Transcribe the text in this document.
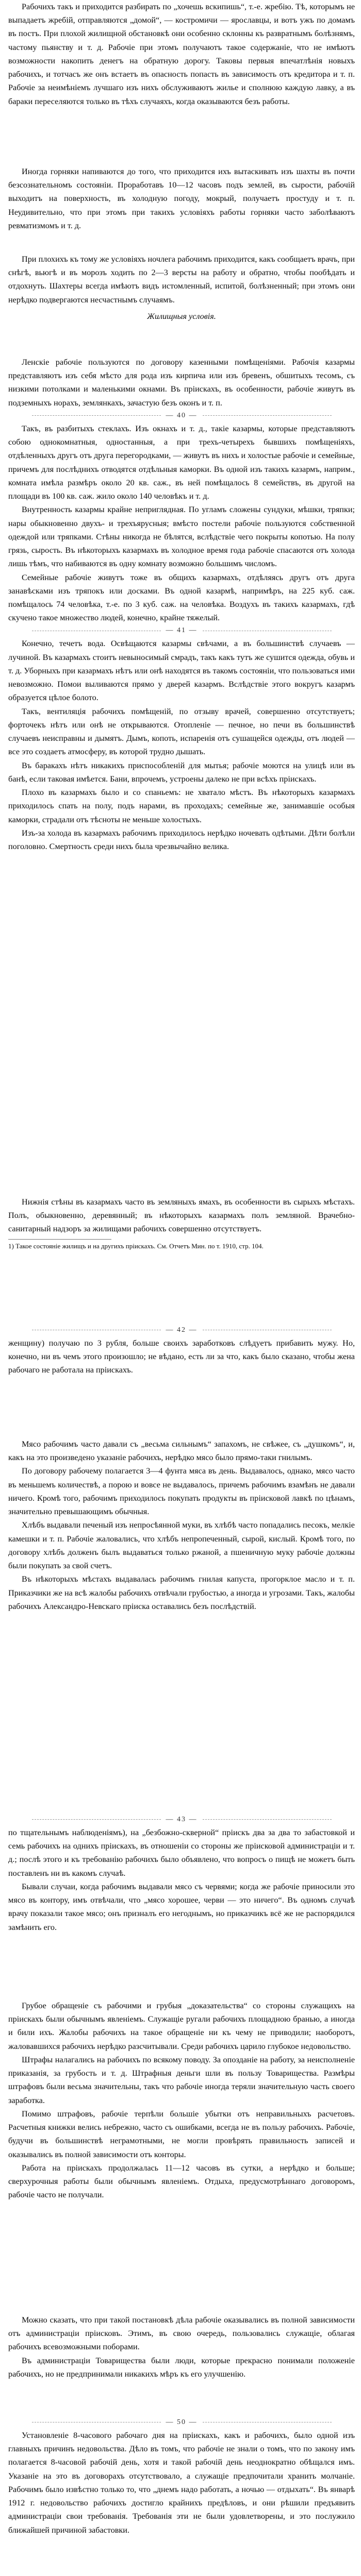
Рабочихъ такъ и приходится разбирать по „хочешь вскипишь“, т.-е. жребію. Тѣ, которымъ не выпадаетъ жребій, отправляются „домой“, — костромичи — ярославцы, и вотъ ужъ по домамъ въ постъ. При плохой жилищной обстановкѣ они особенно склонны къ развратнымъ болѣзнямъ, частому пьянству и т. д. Рабочіе при этомъ получаютъ такое содержаніе, что не имѣютъ возможности накопить денегъ на обратную дорогу. Таковы первыя впечатлѣнія новыхъ рабочихъ, и тотчасъ же онъ встаетъ въ опасность попасть въ зависимость отъ кредитора и т. п. Рабочіе за неимѣніемъ лучшаго изъ нихъ обслуживаютъ жилье и сполнюю каждую лавку, а въ бараки переселяются только въ тѣхъ случаяхъ, когда оказываются безъ работы.

Иногда горняки напиваются до того, что приходится ихъ вытаскивать изъ шахты въ почти безсознательномъ состояніи. Проработавъ 10—12 часовъ подъ землей, въ сырости, рабочій выходитъ на поверхность, въ холодную погоду, мокрый, получаетъ простуду и т. п. Неудивительно, что при этомъ при такихъ условіяхъ работы горняки часто заболѣваютъ ревматизмомъ и т. д.

При плохихъ къ тому же условіяхъ ночлега рабочимъ приходится, какъ сообщаетъ врачъ, при снѣгѣ, вьюгѣ и въ морозъ ходить по 2—3 версты на работу и обратно, чтобы пообѣдать и отдохнуть. Шахтеры всегда имѣютъ видъ истомленный, испитой, болѣзненный; при этомъ они нерѣдко подвергаются несчастнымъ случаямъ.

Жилищныя условія.

Ленскіе рабочіе пользуются по договору казенными помѣщеніями. Рабочія казармы представляютъ изъ себя мѣсто для рода изъ кирпича или изъ бревенъ, обшитыхъ тесомъ, съ низкими потолками и маленькими окнами. Въ пріискахъ, въ особенности, рабочіе живутъ въ подземныхъ норахъ, землянкахъ, зачастую безъ оконъ и т. п.

— 40 —

Такъ, въ разбитыхъ стеклахъ. Изъ окнахъ и т. д., такіе казармы, которые представляютъ собою однокомнатныя, одностанныя, а при трехъ-четырехъ бывшихъ помѣщеніяхъ, отдѣленныхъ другъ отъ друга перегородками, — живутъ въ нихъ и холостые рабочіе и семейные, причемъ для послѣднихъ отводятся отдѣльныя каморки. Въ одной изъ такихъ казармъ, наприм., комната имѣла размѣръ около 20 кв. саж., въ ней помѣщалось 8 семействъ, въ другой на площади въ 100 кв. саж. жило около 140 человѣкъ и т. д.

Внутренность казармы крайне неприглядная. По угламъ сложены сундуки, мѣшки, тряпки; нары обыкновенно двухъ- и трехъярусныя; вмѣсто постели рабочіе пользуются собственной одеждой или тряпками. Стѣны никогда не бѣлятся, вслѣдствіе чего покрыты копотью. На полу грязь, сырость. Въ нѣкоторыхъ казармахъ въ холодное время года рабочіе спасаются отъ холода лишь тѣмъ, что набиваются въ одну комнату возможно большимъ числомъ.

Семейные рабочіе живутъ тоже въ общихъ казармахъ, отдѣляясь другъ отъ друга занавѣсками изъ тряпокъ или досками. Въ одной казармѣ, напримѣръ, на 225 куб. саж. помѣщалось 74 человѣка, т.-е. по 3 куб. саж. на человѣка. Воздухъ въ такихъ казармахъ, гдѣ скучено такое множество людей, конечно, крайне тяжелый.

— 41 —

Конечно, течетъ вода. Освѣщаются казармы свѣчами, а въ большинствѣ случаевъ — лучиной. Въ казармахъ стоитъ невыносимый смрадъ, такъ какъ тутъ же сушится одежда, обувь и т. д. Уборныхъ при казармахъ нѣтъ или онѣ находятся въ такомъ состояніи, что пользоваться ими невозможно. Помои выливаются прямо у дверей казармъ. Вслѣдствіе этого вокругъ казармъ образуется цѣлое болото.

Такъ, вентиляція рабочихъ помѣщеній, по отзыву врачей, совершенно отсутствуетъ; форточекъ нѣтъ или онѣ не открываются. Отопленіе — печное, но печи въ большинствѣ случаевъ неисправны и дымятъ. Дымъ, копоть, испаренія отъ сушащейся одежды, отъ людей — все это создаетъ атмосферу, въ которой трудно дышать.

Въ баракахъ нѣтъ никакихъ приспособленій для мытья; рабочіе моются на улицѣ или въ банѣ, если таковая имѣется. Бани, впрочемъ, устроены далеко не при всѣхъ пріискахъ.

Плохо въ казармахъ было и со спаньемъ: не хватало мѣстъ. Въ нѣкоторыхъ казармахъ приходилось спать на полу, подъ нарами, въ проходахъ; семейные же, занимавшіе особыя каморки, страдали отъ тѣсноты не меньше холостыхъ.

Изъ-за холода въ казармахъ рабочимъ приходилось нерѣдко ночевать одѣтыми. Дѣти болѣли поголовно. Смертность среди нихъ была чрезвычайно велика.

Нижнія стѣны въ казармахъ часто въ земляныхъ ямахъ, въ особенности въ сырыхъ мѣстахъ. Полъ, обыкновенно, деревянный; въ нѣкоторыхъ казармахъ полъ земляной. Врачебно-санитарный надзоръ за жилищами рабочихъ совершенно отсутствуетъ.

1) Такое состояніе жилищъ и на другихъ пріискахъ. См. Отчетъ Мин. по т. 1910, стр. 104.
— 42 —

женщину) получаю по 3 рубля, больше своихъ заработковъ слѣдуетъ прибавить мужу. Но, конечно, ни въ чемъ этого произошло; не вѣдано, есть ли за что, какъ было сказано, чтобы жена рабочаго не работала на пріискахъ.

Мясо рабочимъ часто давали съ „весьма сильнымъ“ запахомъ, не свѣжее, съ „душкомъ“, и, какъ на это произведено указаніе рабочихъ, нерѣдко мясо было прямо-таки гнилымъ.

По договору рабочему полагается 3—4 фунта мяса въ день. Выдавалось, однако, мясо часто въ меньшемъ количествѣ, а порою и вовсе не выдавалось, причемъ рабочимъ взамѣнъ не давали ничего. Кромѣ того, рабочимъ приходилось покупать продукты въ пріисковой лавкѣ по цѣнамъ, значительно превышающимъ обычныя.

Хлѣбъ выдавали печеный изъ непросѣянной муки, въ хлѣбѣ часто попадались песокъ, мелкіе камешки и т. п. Рабочіе жаловались, что хлѣбъ непропеченный, сырой, кислый. Кромѣ того, по договору хлѣбъ долженъ былъ выдаваться только ржаной, а пшеничную муку рабочіе должны были покупать за свой счетъ.

Въ нѣкоторыхъ мѣстахъ выдавалась рабочимъ гнилая капуста, прогорклое масло и т. п. Приказчики же на всѣ жалобы рабочихъ отвѣчали грубостью, а иногда и угрозами. Такъ, жалобы рабочихъ Александро-Невскаго пріиска оставались безъ послѣдствій.

— 43 —

по тщательнымъ наблюденіямъ), на „безбожно-скверной“ пріискъ два за два то забастовкой и семь рабочихъ на однихъ пріискахъ, въ отношеніи со стороны же пріисковой администраціи и т. д.; послѣ этого и къ требованію рабочихъ было объявлено, что вопросъ о пищѣ не можетъ быть поставленъ ни въ какомъ случаѣ.

Бывали случаи, когда рабочимъ выдавали мясо съ червями; когда же рабочіе приносили это мясо въ контору, имъ отвѣчали, что „мясо хорошее, черви — это ничего“. Въ одномъ случаѣ врачу показали такое мясо; онъ призналъ его негоднымъ, но приказчикъ всё же не распорядился замѣнить его.

Грубое обращеніе съ рабочими и грубыя „доказательства“ со стороны служащихъ на пріискахъ были обычнымъ явленіемъ. Служащіе ругали рабочихъ площадною бранью, а иногда и били ихъ. Жалобы рабочихъ на такое обращеніе ни къ чему не приводили; наоборотъ, жаловавшихся рабочихъ нерѣдко разсчитывали. Среди рабочихъ царило глубокое недовольство.

Штрафы налагались на рабочихъ по всякому поводу. За опозданіе на работу, за неисполненіе приказанія, за грубость и т. д. Штрафныя деньги шли въ пользу Товарищества. Размѣры штрафовъ были весьма значительны, такъ что рабочіе иногда теряли значительную часть своего заработка.

Помимо штрафовъ, рабочіе терпѣли большіе убытки отъ неправильныхъ расчетовъ. Расчетныя книжки велись небрежно, часто съ ошибками, всегда не въ пользу рабочихъ. Рабочіе, будучи въ большинствѣ неграмотными, не могли провѣрять правильность записей и оказывались въ полной зависимости отъ конторы.

Работа на пріискахъ продолжалась 11—12 часовъ въ сутки, а нерѣдко и больше; сверхурочныя работы были обычнымъ явленіемъ. Отдыха, предусмотрѣннаго договоромъ, рабочіе часто не получали.

Можно сказать, что при такой постановкѣ дѣла рабочіе оказывались въ полной зависимости отъ администраціи пріисковъ. Этимъ, въ свою очередь, пользовались служащіе, облагая рабочихъ всевозможными поборами.

Въ администраціи Товарищества были люди, которые прекрасно понимали положеніе рабочихъ, но не предпринимали никакихъ мѣръ къ его улучшенію.

— 50 —

Установленіе 8-часового рабочаго дня на пріискахъ, какъ и рабочихъ, было одной изъ главныхъ причинъ недовольства. Дѣло въ томъ, что рабочіе не знали о томъ, что по закону имъ полагается 8-часовой рабочій день, хотя и такой рабочій день неоднократно обѣщался имъ. Указаніе на это въ договорахъ отсутствовало, а служащіе предпочитали хранить молчаніе. Рабочимъ было извѣстно только то, что „днемъ надо работать, а ночью — отдыхать“. Въ январѣ 1912 г. недовольство рабочихъ достигло крайнихъ предѣловъ, и они рѣшили предъявить администраціи свои требованія. Требованія эти не были удовлетворены, и это послужило ближайшей причиной забастовки.
